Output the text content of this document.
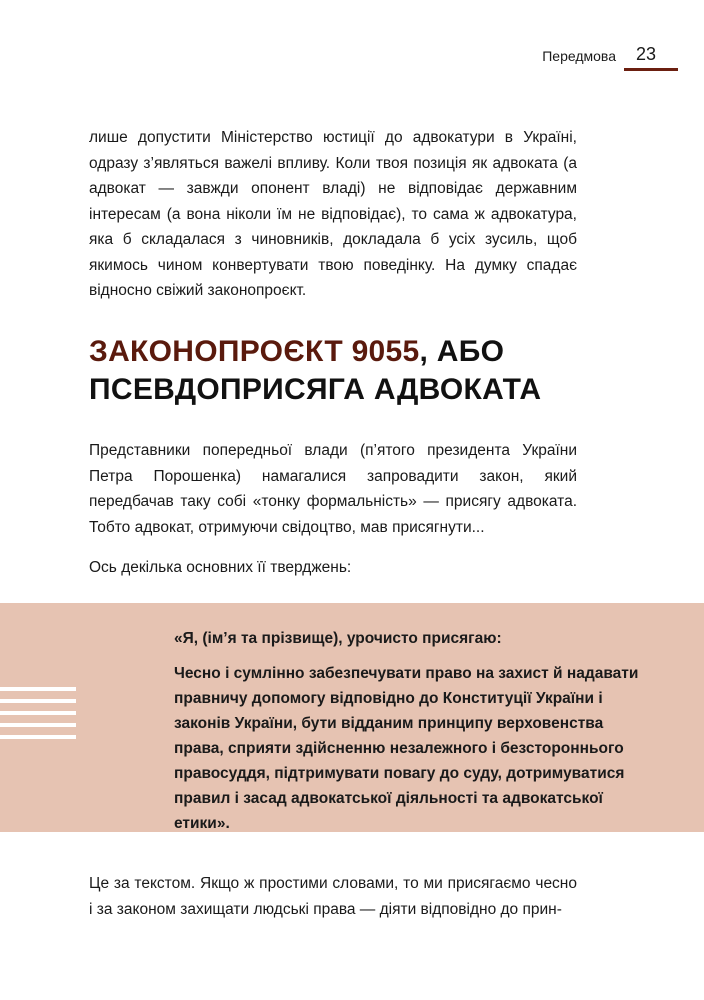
Передмова 23

лише допустити Міністерство юстиції до адвокатури в Україні, одразу з’являться важелі впливу. Коли твоя позиція як адвоката (а адвокат — завжди опонент владі) не відповідає державним інтересам (а вона ніколи їм не відповідає), то сама ж адвокатура, яка б складалася з чиновників, докладала б усіх зусиль, щоб якимось чином конвертувати твою поведінку. На думку спадає відносно свіжий законопроєкт.

ЗАКОНОПРОЄКТ 9055, АБО ПСЕВДОПРИСЯГА АДВОКАТА

Представники попередньої влади (п’ятого президента України Петра Порошенка) намагалися запровадити закон, який передбачав таку собі «тонку формальність» — присягу адвоката. Тобто адвокат, отримуючи свідоцтво, мав присягнути...

Ось декілька основних її тверджень:

«Я, (ім’я та прізвище), урочисто присягаю:

Чесно і сумлінно забезпечувати право на захист й надавати правничу допомогу відповідно до Конституції України і законів України, бути відданим принципу верховенства права, сприяти здійсненню незалежного і безстороннього правосуддя, підтримувати повагу до суду, дотримуватися правил і засад адвокатської діяльності та адвокатської етики».

Це за текстом. Якщо ж простими словами, то ми присягаємо чесно і за законом захищати людські права — діяти відповідно до прин-
